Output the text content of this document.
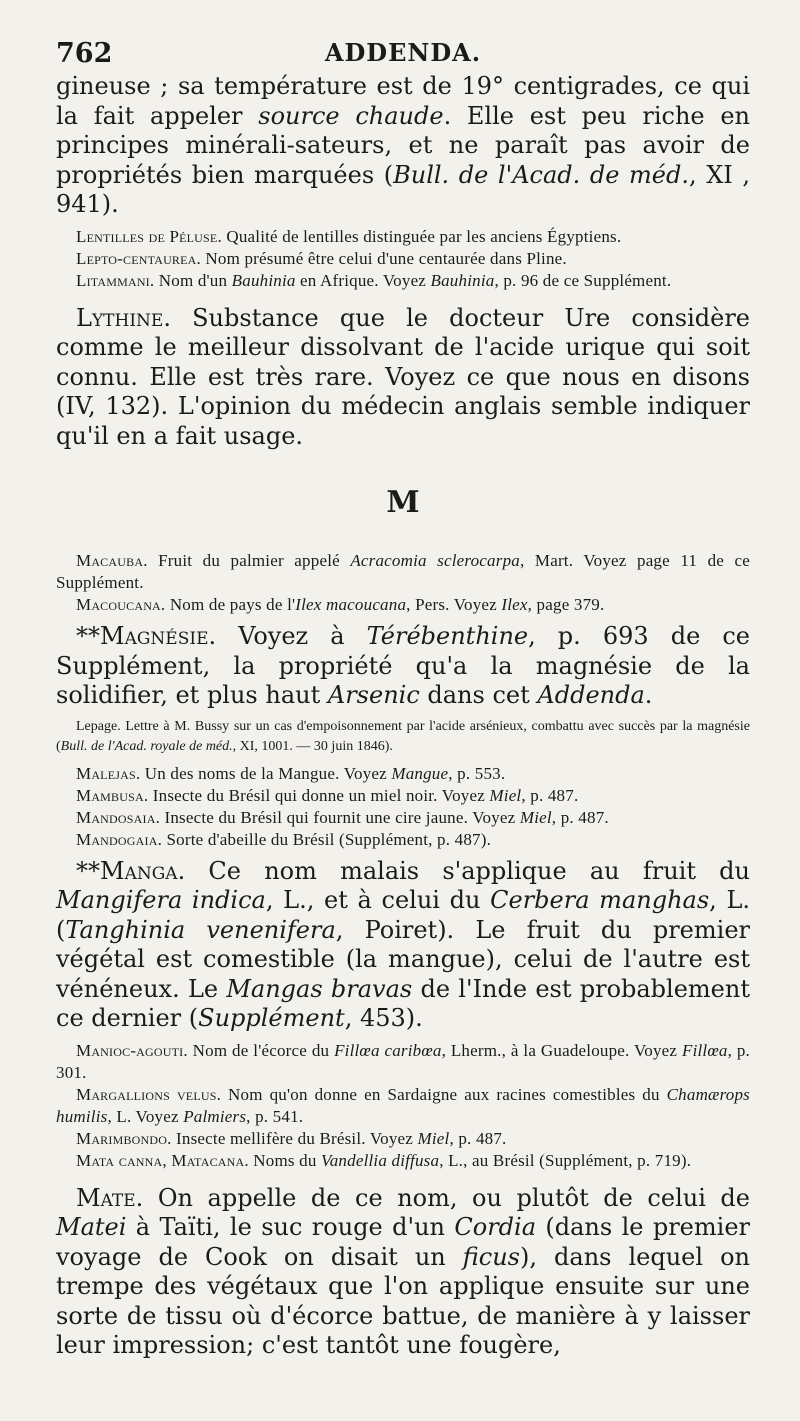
762	ADDENDA.

gineuse ; sa température est de 19° centigrades, ce qui la fait appeler source chaude. Elle est peu riche en principes minérali-sateurs, et ne paraît pas avoir de propriétés bien marquées (Bull. de l'Acad. de méd., XI , 941).

Lentilles de Péluse. Qualité de lentilles distinguée par les anciens Égyptiens.

Lepto-centaurea. Nom présumé être celui d'une centaurée dans Pline.

Litammani. Nom d'un Bauhinia en Afrique. Voyez Bauhinia, p. 96 de ce Supplément.

Lythine. Substance que le docteur Ure considère comme le meilleur dissolvant de l'acide urique qui soit connu. Elle est très rare. Voyez ce que nous en disons (IV, 132). L'opinion du médecin anglais semble indiquer qu'il en a fait usage.

M

Macauba. Fruit du palmier appelé Acracomia sclerocarpa, Mart. Voyez page 11 de ce Supplément.

Macoucana. Nom de pays de l'Ilex macoucana, Pers. Voyez Ilex, page 379.

**Magnésie. Voyez à Térébenthine, p. 693 de ce Supplément, la propriété qu'a la magnésie de la solidifier, et plus haut Arsenic dans cet Addenda.

Lepage. Lettre à M. Bussy sur un cas d'empoisonnement par l'acide arsénieux, combattu avec succès par la magnésie (Bull. de l'Acad. royale de méd., XI, 1001. — 30 juin 1846).

Malejas. Un des noms de la Mangue. Voyez Mangue, p. 553.

Mambusa. Insecte du Brésil qui donne un miel noir. Voyez Miel, p. 487.

Mandosaia. Insecte du Brésil qui fournit une cire jaune. Voyez Miel, p. 487.

Mandogaia. Sorte d'abeille du Brésil (Supplément, p. 487).

**Manga. Ce nom malais s'applique au fruit du Mangifera indica, L., et à celui du Cerbera manghas, L. (Tanghinia venenifera, Poiret). Le fruit du premier végétal est comestible (la mangue), celui de l'autre est vénéneux. Le Mangas bravas de l'Inde est probablement ce dernier (Supplément, 453).

Manioc-agouti. Nom de l'écorce du Fillœa caribœa, Lherm., à la Guadeloupe. Voyez Fillœa, p. 301.

Margallions velus. Nom qu'on donne en Sardaigne aux racines comestibles du Chamærops humilis, L. Voyez Palmiers, p. 541.

Marimbondo. Insecte mellifère du Brésil. Voyez Miel, p. 487.

Mata canna, Matacana. Noms du Vandellia diffusa, L., au Brésil (Supplément, p. 719).

Mate. On appelle de ce nom, ou plutôt de celui de Matei à Taïti, le suc rouge d'un Cordia (dans le premier voyage de Cook on disait un ficus), dans lequel on trempe des végétaux que l'on applique ensuite sur une sorte de tissu où d'écorce battue, de manière à y laisser leur impression; c'est tantôt une fougère,
